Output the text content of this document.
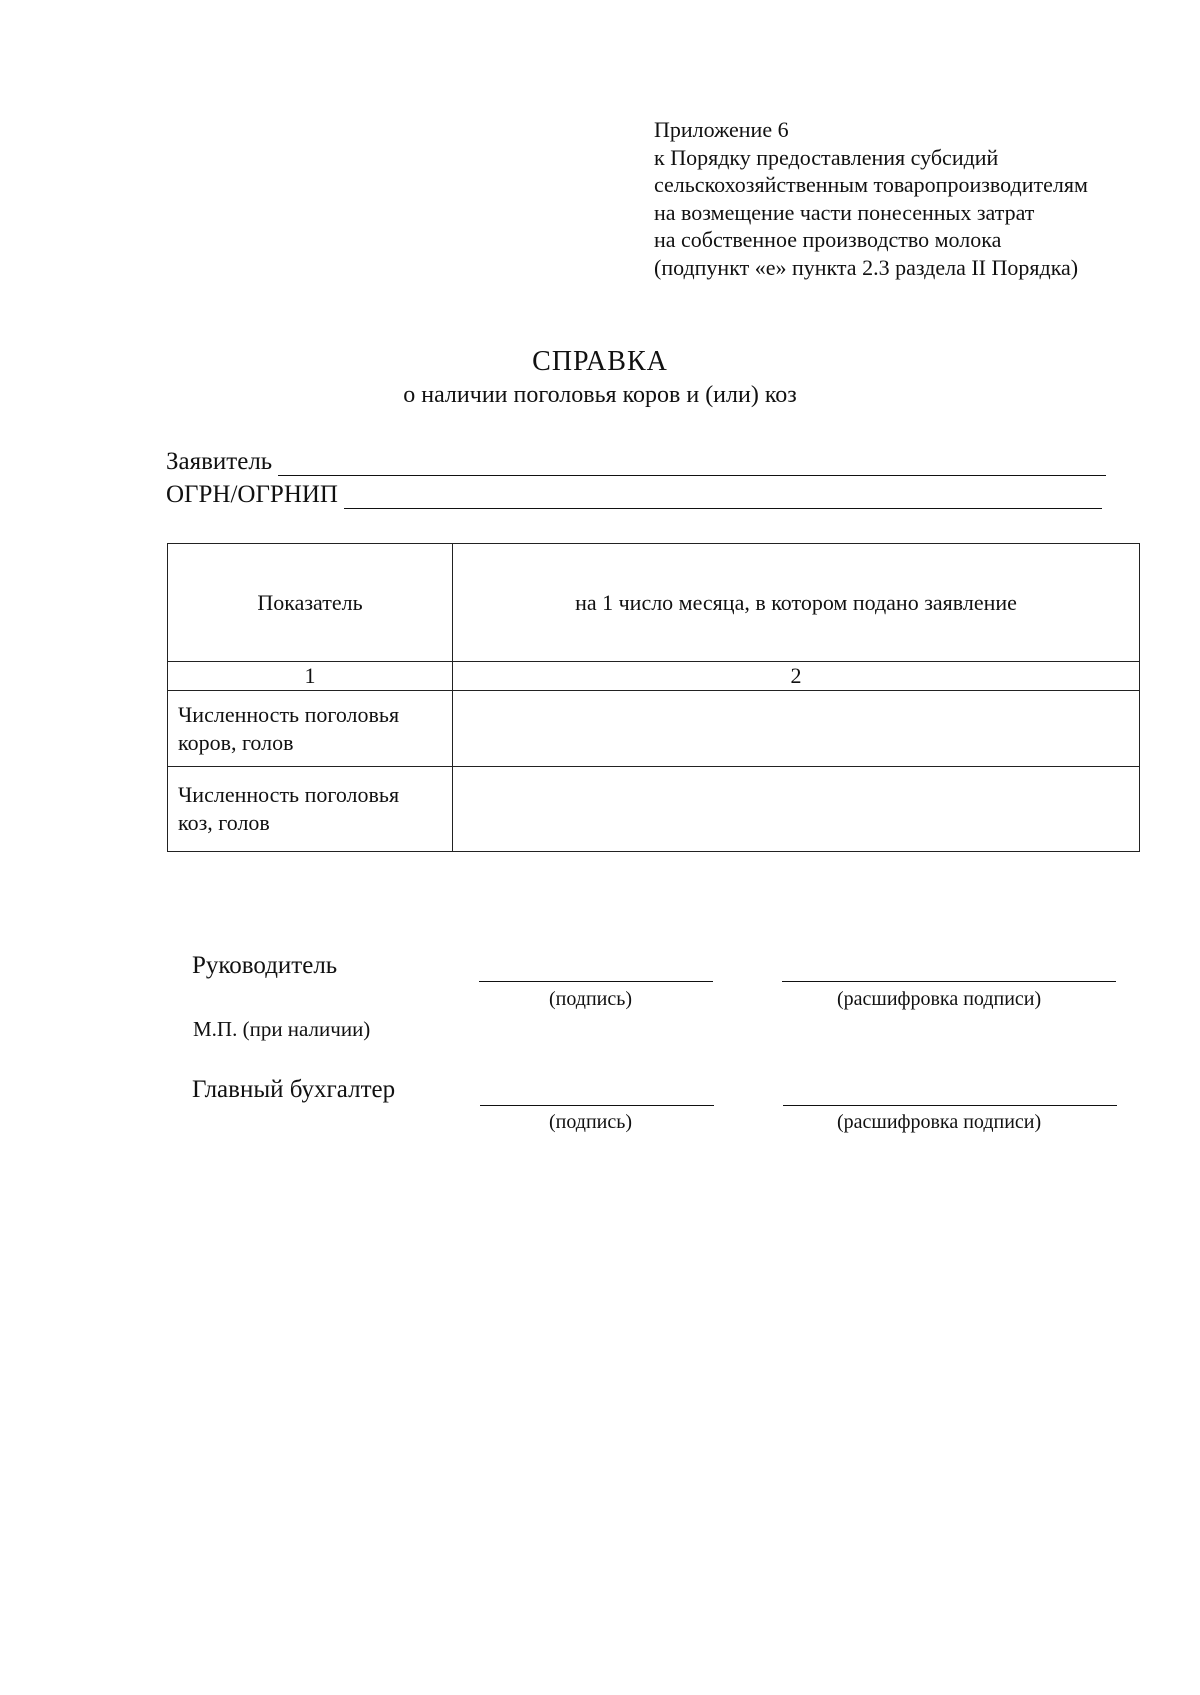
Приложение 6
к Порядку предоставления субсидий
сельскохозяйственным товаропроизводителям
на возмещение части понесенных затрат
на собственное производство молока
(подпункт «е» пункта 2.3 раздела II Порядка)
СПРАВКА
о наличии поголовья коров и (или) коз
Заявитель
ОГРН/ОГРНИП
Показатель	на 1 число месяца, в котором подано заявление
1	2

Численность поголовья
коров, голов	

Численность поголовья
коз, голов	

Руководитель
(подпись)	(расшифровка подписи)
М.П. (при наличии)
Главный бухгалтер
(подпись)	(расшифровка подписи)
